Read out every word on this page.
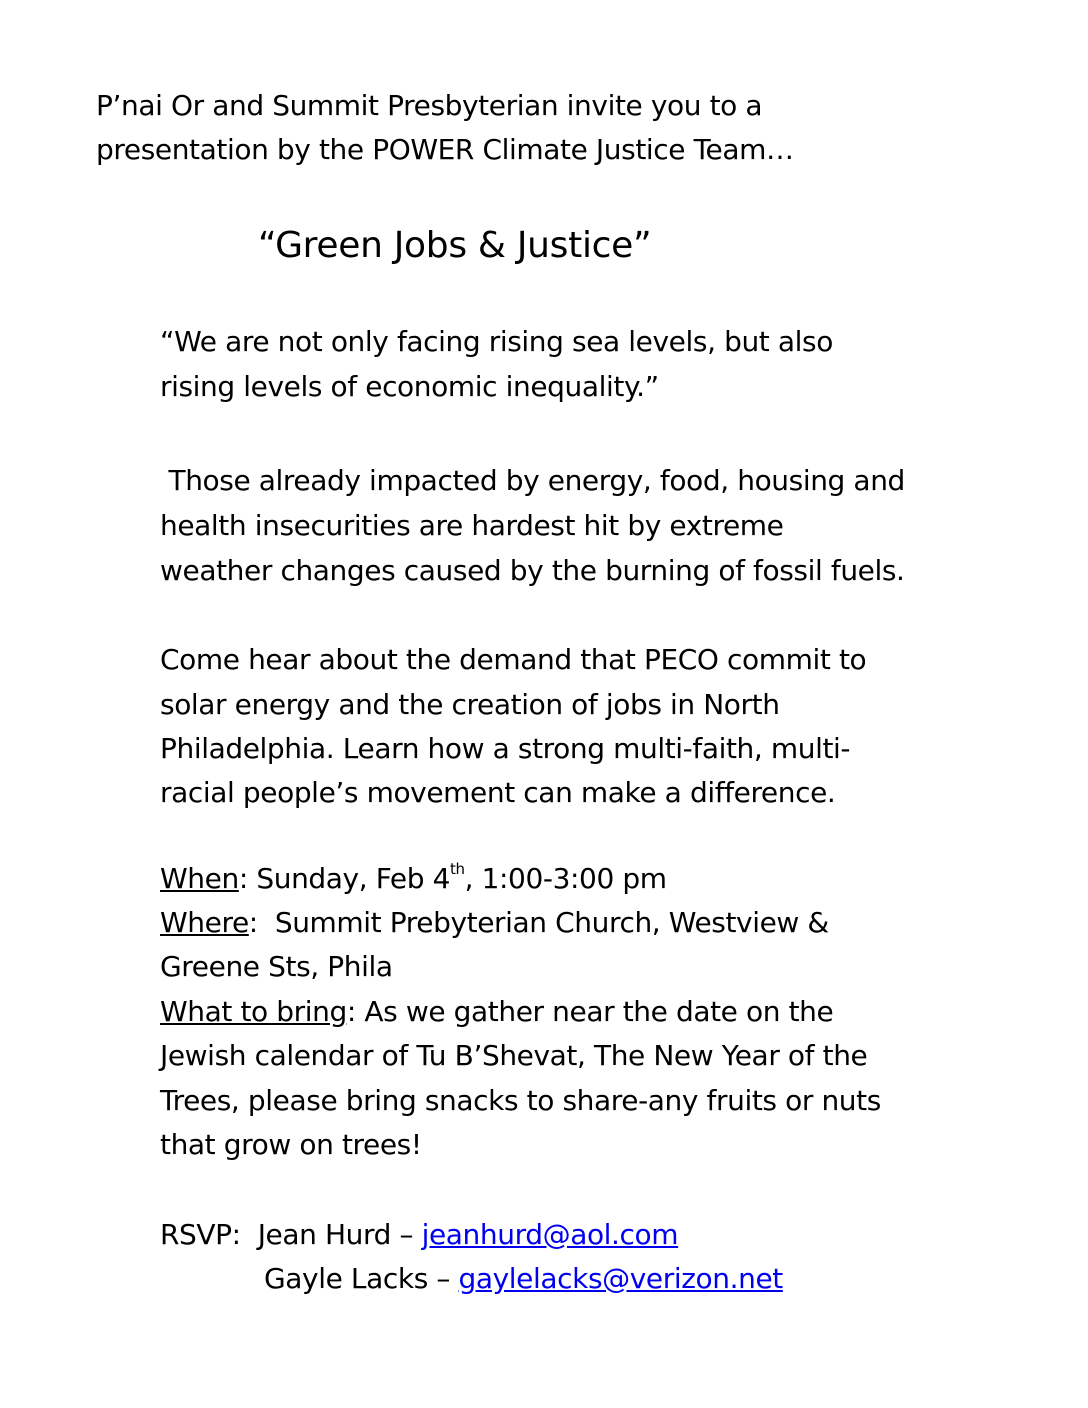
P’nai Or and Summit Presbyterian invite you to a
presentation by the POWER Climate Justice Team…
“Green Jobs & Justice”
“We are not only facing rising sea levels, but also
rising levels of economic inequality.”
Those already impacted by energy, food, housing and
health insecurities are hardest hit by extreme
weather changes caused by the burning of fossil fuels.
Come hear about the demand that PECO commit to
solar energy and the creation of jobs in North
Philadelphia. Learn how a strong multi-faith, multi-
racial people’s movement can make a difference.
When: Sunday, Feb 4th, 1:00-3:00 pm
Where:  Summit Prebyterian Church, Westview &
Greene Sts, Phila
What to bring: As we gather near the date on the
Jewish calendar of Tu B’Shevat, The New Year of the
Trees, please bring snacks to share-any fruits or nuts
that grow on trees!
RSVP:  Jean Hurd – jeanhurd@aol.com
Gayle Lacks – gaylelacks@verizon.net
